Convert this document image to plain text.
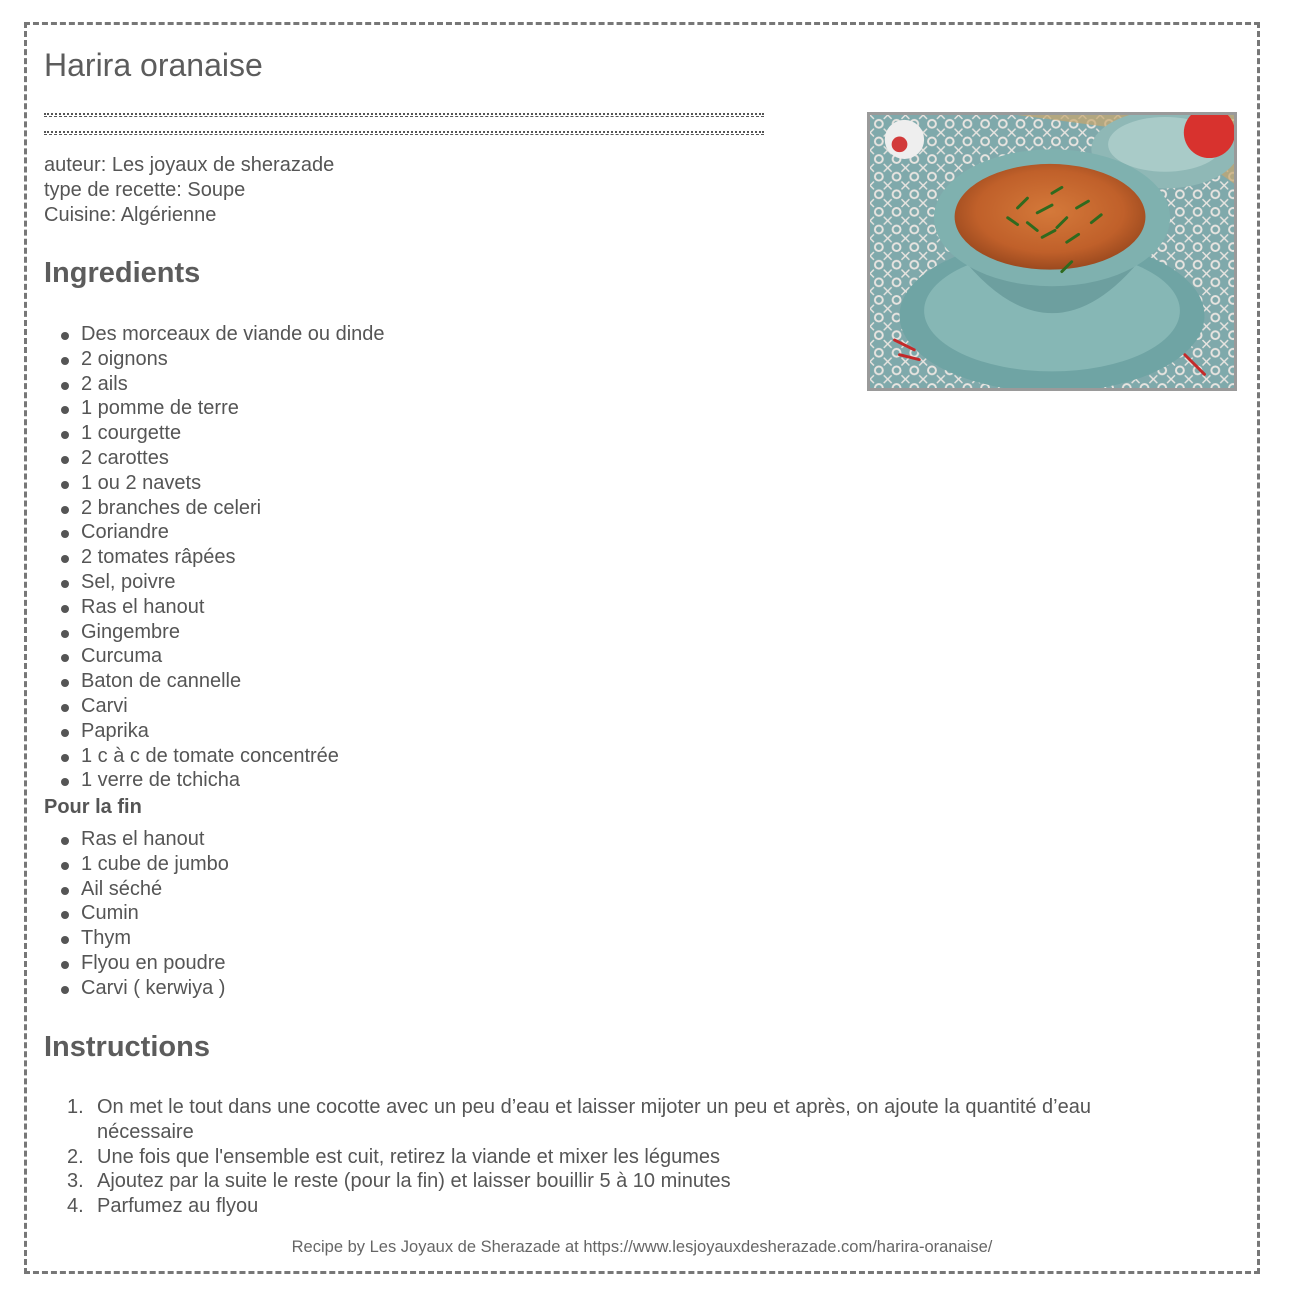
Harira oranaise
auteur: Les joyaux de sherazade
type de recette: Soupe
Cuisine: Algérienne
Ingredients
Des morceaux de viande ou dinde
2 oignons
2 ails
1 pomme de terre
1 courgette
2 carottes
1 ou 2 navets
2 branches de celeri
Coriandre
2 tomates râpées
Sel, poivre
Ras el hanout
Gingembre
Curcuma
Baton de cannelle
Carvi
Paprika
1 c à c de tomate concentrée
1 verre de tchicha
Pour la fin
Ras el hanout
1 cube de jumbo
Ail séché
Cumin
Thym
Flyou en poudre
Carvi ( kerwiya )
Instructions
1. On met le tout dans une cocotte avec un peu d’eau et laisser mijoter un peu et après, on ajoute la quantité d’eau nécessaire
2. Une fois que l'ensemble est cuit, retirez la viande et mixer les légumes
3. Ajoutez par la suite le reste (pour la fin) et laisser bouillir 5 à 10 minutes
4. Parfumez au flyou
Recipe by Les Joyaux de Sherazade at https://www.lesjoyauxdesherazade.com/harira-oranaise/
